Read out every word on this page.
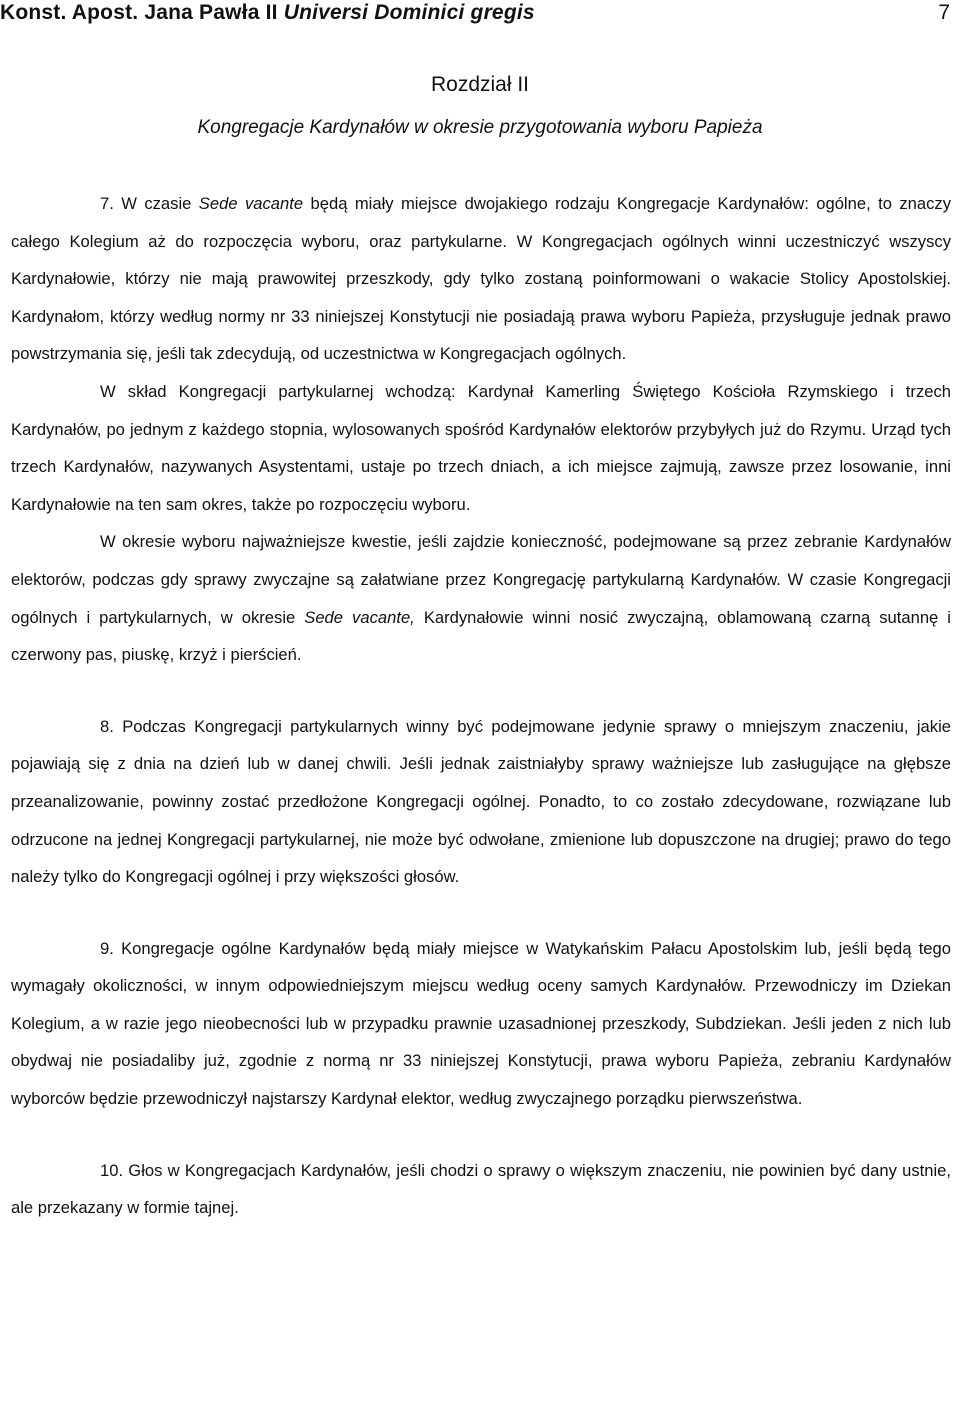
Konst. Apost. Jana Pawła II Universi Dominici gregis	7
Rozdział II
Kongregacje Kardynałów w okresie przygotowania wyboru Papieża

7. W czasie Sede vacante będą miały miejsce dwojakiego rodzaju Kongregacje Kardynałów: ogólne, to znaczy całego Kolegium aż do rozpoczęcia wyboru, oraz partykularne. W Kongregacjach ogólnych winni uczestniczyć wszyscy Kardynałowie, którzy nie mają prawowitej przeszkody, gdy tylko zostaną poinformowani o wakacie Stolicy Apostolskiej. Kardynałom, którzy według normy nr 33 niniejszej Konstytucji nie posiadają prawa wyboru Papieża, przysługuje jednak prawo powstrzymania się, jeśli tak zdecydują, od uczestnictwa w Kongregacjach ogólnych.

W skład Kongregacji partykularnej wchodzą: Kardynał Kamerling Świętego Kościoła Rzymskiego i trzech Kardynałów, po jednym z każdego stopnia, wylosowanych spośród Kardynałów elektorów przybyłych już do Rzymu. Urząd tych trzech Kardynałów, nazywanych Asystentami, ustaje po trzech dniach, a ich miejsce zajmują, zawsze przez losowanie, inni Kardynałowie na ten sam okres, także po rozpoczęciu wyboru.

W okresie wyboru najważniejsze kwestie, jeśli zajdzie konieczność, podejmowane są przez zebranie Kardynałów elektorów, podczas gdy sprawy zwyczajne są załatwiane przez Kongregację partykularną Kardynałów. W czasie Kongregacji ogólnych i partykularnych, w okresie Sede vacante, Kardynałowie winni nosić zwyczajną, oblamowaną czarną sutannę i czerwony pas, piuskę, krzyż i pierścień.

8. Podczas Kongregacji partykularnych winny być podejmowane jedynie sprawy o mniejszym znaczeniu, jakie pojawiają się z dnia na dzień lub w danej chwili. Jeśli jednak zaistniałyby sprawy ważniejsze lub zasługujące na głębsze przeanalizowanie, powinny zostać przedłożone Kongregacji ogólnej. Ponadto, to co zostało zdecydowane, rozwiązane lub odrzucone na jednej Kongregacji partykularnej, nie może być odwołane, zmienione lub dopuszczone na drugiej; prawo do tego należy tylko do Kongregacji ogólnej i przy większości głosów.

9. Kongregacje ogólne Kardynałów będą miały miejsce w Watykańskim Pałacu Apostolskim lub, jeśli będą tego wymagały okoliczności, w innym odpowiedniejszym miejscu według oceny samych Kardynałów. Przewodniczy im Dziekan Kolegium, a w razie jego nieobecności lub w przypadku prawnie uzasadnionej przeszkody, Subdziekan. Jeśli jeden z nich lub obydwaj nie posiadaliby już, zgodnie z normą nr 33 niniejszej Konstytucji, prawa wyboru Papieża, zebraniu Kardynałów wyborców będzie przewodniczył najstarszy Kardynał elektor, według zwyczajnego porządku pierwszeństwa.

10. Głos w Kongregacjach Kardynałów, jeśli chodzi o sprawy o większym znaczeniu, nie powinien być dany ustnie, ale przekazany w formie tajnej.
